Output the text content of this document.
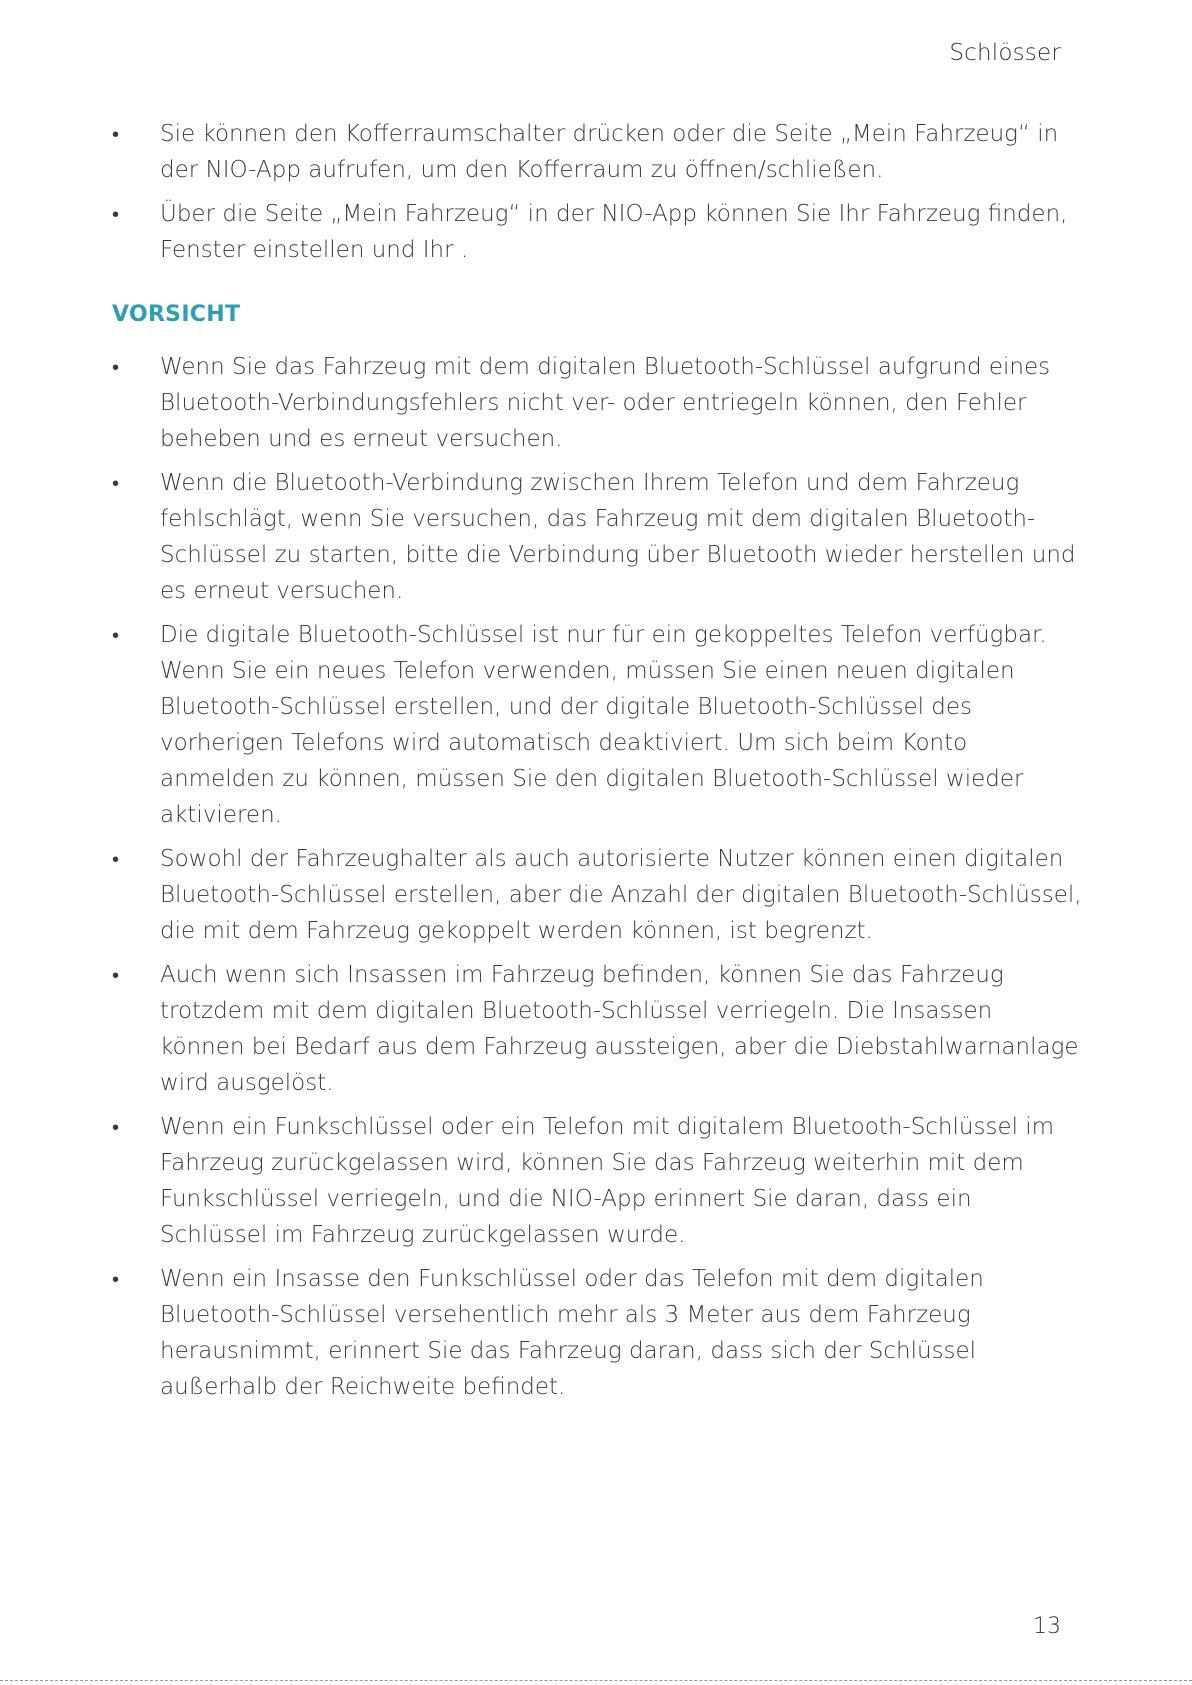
Schlösser
•	Sie können den Kofferraumschalter drücken oder die Seite „Mein Fahrzeug“ in der NIO-App aufrufen, um den Kofferraum zu öffnen/schließen.
•	Über die Seite „Mein Fahrzeug“ in der NIO-App können Sie Ihr Fahrzeug finden, Fenster einstellen und Ihr .
VORSICHT
•	Wenn Sie das Fahrzeug mit dem digitalen Bluetooth-Schlüssel aufgrund eines Bluetooth-Verbindungsfehlers nicht ver- oder entriegeln können, den Fehler beheben und es erneut versuchen.
•	Wenn die Bluetooth-Verbindung zwischen Ihrem Telefon und dem Fahrzeug fehlschlägt, wenn Sie versuchen, das Fahrzeug mit dem digitalen Bluetooth-Schlüssel zu starten, bitte die Verbindung über Bluetooth wieder herstellen und es erneut versuchen.
•	Die digitale Bluetooth-Schlüssel ist nur für ein gekoppeltes Telefon verfügbar. Wenn Sie ein neues Telefon verwenden, müssen Sie einen neuen digitalen Bluetooth-Schlüssel erstellen, und der digitale Bluetooth-Schlüssel des vorherigen Telefons wird automatisch deaktiviert. Um sich beim Konto anmelden zu können, müssen Sie den digitalen Bluetooth-Schlüssel wieder aktivieren.
•	Sowohl der Fahrzeughalter als auch autorisierte Nutzer können einen digitalen Bluetooth-Schlüssel erstellen, aber die Anzahl der digitalen Bluetooth-Schlüssel, die mit dem Fahrzeug gekoppelt werden können, ist begrenzt.
•	Auch wenn sich Insassen im Fahrzeug befinden, können Sie das Fahrzeug trotzdem mit dem digitalen Bluetooth-Schlüssel verriegeln. Die Insassen können bei Bedarf aus dem Fahrzeug aussteigen, aber die Diebstahlwarnanlage wird ausgelöst.
•	Wenn ein Funkschlüssel oder ein Telefon mit digitalem Bluetooth-Schlüssel im Fahrzeug zurückgelassen wird, können Sie das Fahrzeug weiterhin mit dem Funkschlüssel verriegeln, und die NIO-App erinnert Sie daran, dass ein Schlüssel im Fahrzeug zurückgelassen wurde.
•	Wenn ein Insasse den Funkschlüssel oder das Telefon mit dem digitalen Bluetooth-Schlüssel versehentlich mehr als 3 Meter aus dem Fahrzeug herausnimmt, erinnert Sie das Fahrzeug daran, dass sich der Schlüssel außerhalb der Reichweite befindet.
13
